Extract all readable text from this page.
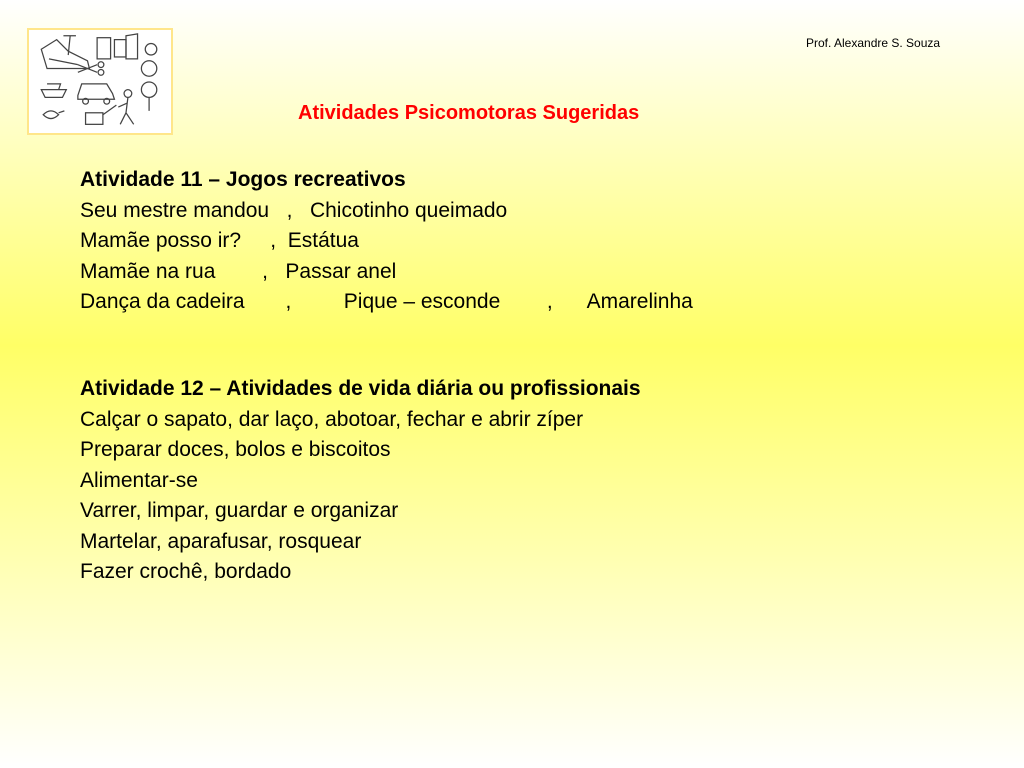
Prof. Alexandre S. Souza
Atividades Psicomotoras Sugeridas
Atividade 11 – Jogos recreativos
Seu mestre mandou   ,   Chicotinho queimado
Mamãe posso ir?     ,  Estátua
Mamãe na rua        ,   Passar anel
Dança da cadeira       ,         Pique – esconde        ,      Amarelinha
Atividade 12 – Atividades de vida diária ou profissionais
Calçar o sapato, dar laço, abotoar, fechar e abrir zíper
Preparar doces, bolos e biscoitos
Alimentar-se
Varrer, limpar, guardar e organizar
Martelar, aparafusar, rosquear
Fazer crochê, bordado
